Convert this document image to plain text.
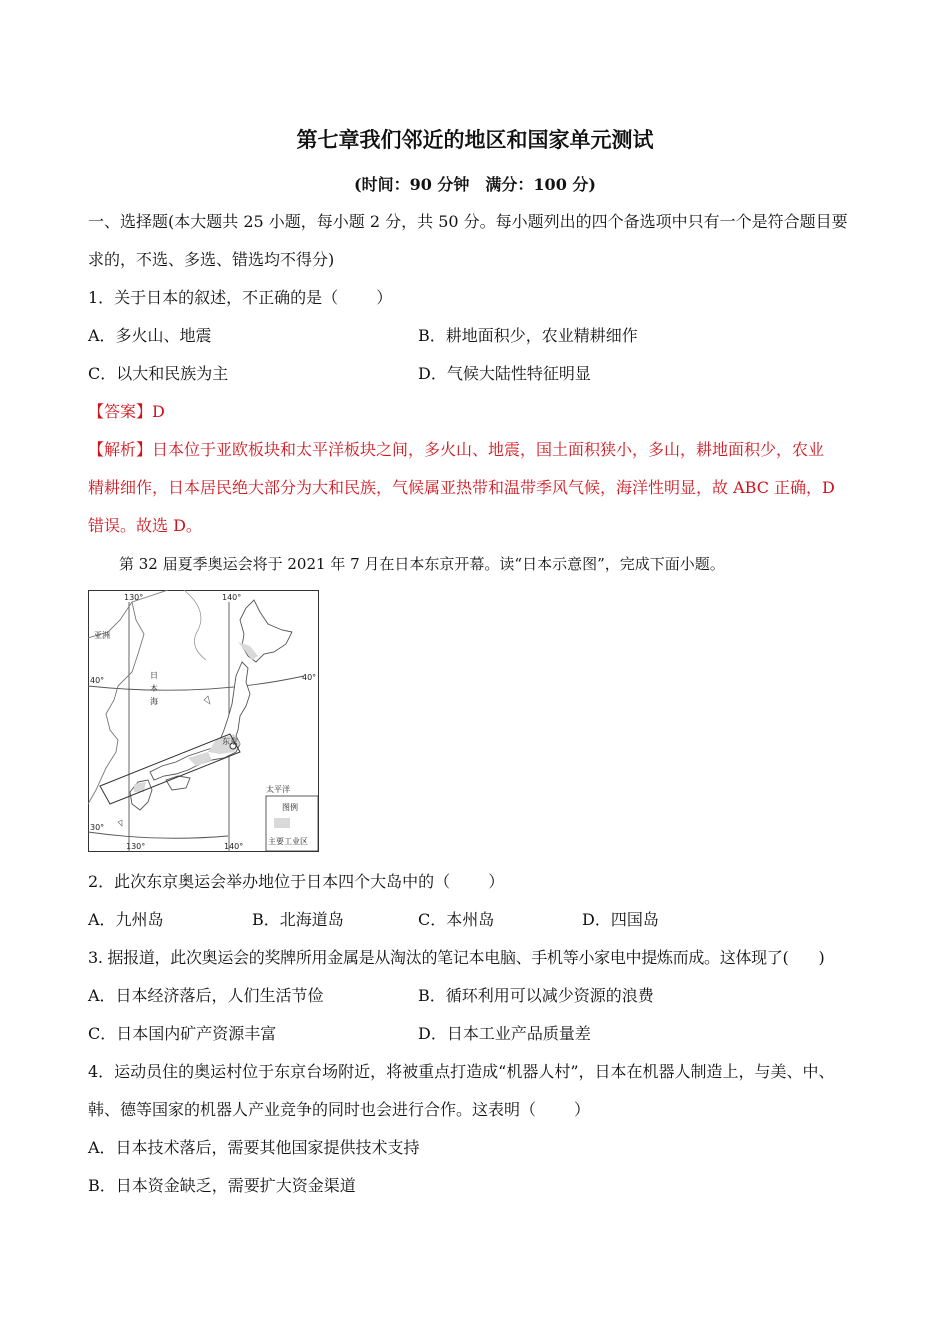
第七章我们邻近的地区和国家单元测试
(时间：90 分钟　满分：100 分)
一、选择题(本大题共 25 小题，每小题 2 分，共 50 分。每小题列出的四个备选项中只有一个是符合题目要
求的，不选、多选、错选均不得分)
1．关于日本的叙述，不正确的是（ ）
A．多火山、地震	B．耕地面积少，农业精耕细作
C．以大和民族为主	D．气候大陆性特征明显
【答案】D
【解析】日本位于亚欧板块和太平洋板块之间，多火山、地震，国土面积狭小，多山，耕地面积少，农业
精耕细作，日本居民绝大部分为大和民族，气候属亚热带和温带季风气候，海洋性明显，故 ABC 正确，D
错误。故选 D。
第 32 届夏季奥运会将于 2021 年 7 月在日本东京开幕。读“日本示意图”，完成下面小题。
130°	140°
130°	140°
40°	40°
30°
亚洲
日
本
海
东京
太平洋
图例
主要工业区
2．此次东京奥运会举办地位于日本四个大岛中的（ ）
A．九州岛	B．北海道岛	C．本州岛	D．四国岛
3. 据报道，此次奥运会的奖牌所用金属是从淘汰的笔记本电脑、手机等小家电中提炼而成。这体现了( )
A．日本经济落后，人们生活节俭	B．循环利用可以减少资源的浪费
C．日本国内矿产资源丰富	D．日本工业产品质量差
4．运动员住的奥运村位于东京台场附近，将被重点打造成“机器人村”，日本在机器人制造上，与美、中、
韩、德等国家的机器人产业竞争的同时也会进行合作。这表明（ ）
A．日本技术落后，需要其他国家提供技术支持
B．日本资金缺乏，需要扩大资金渠道
